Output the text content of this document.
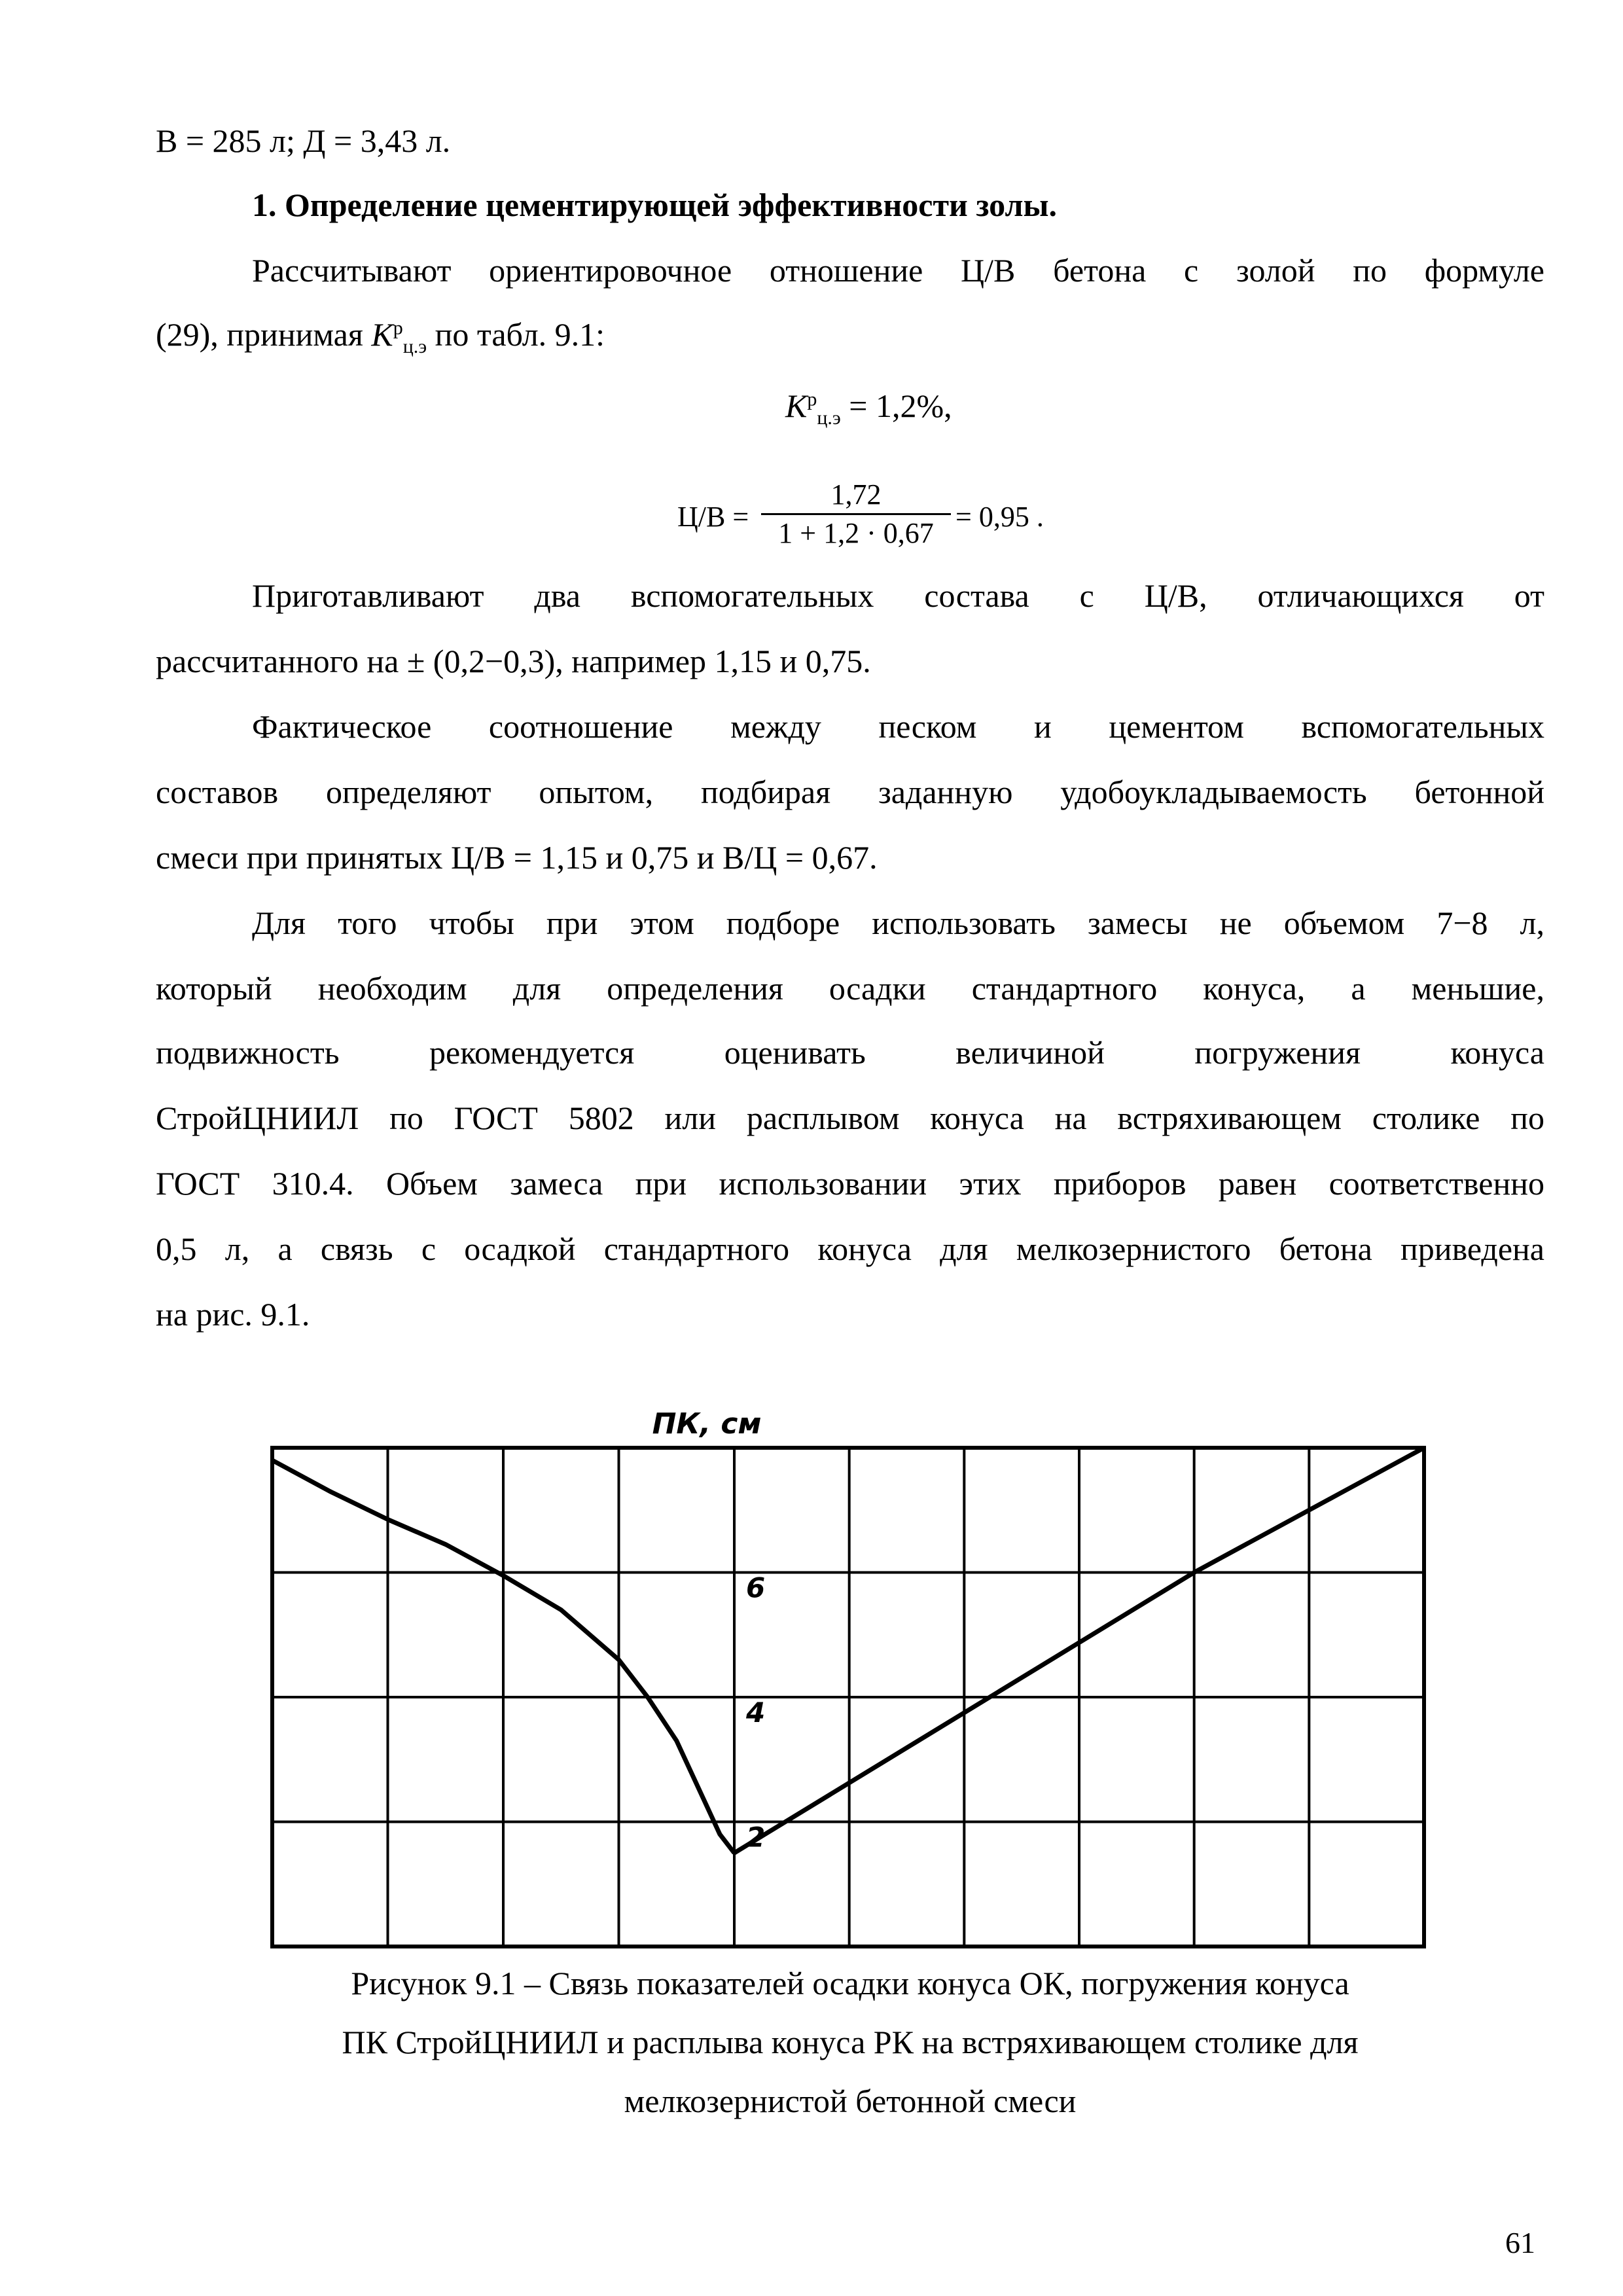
В = 285 л; Д = 3,43 л.
1. Определение цементирующей эффективности золы.
Рассчитывают ориентировочное отношение Ц/В бетона с золой по формуле
(29), принимая $K^р_{ц.э}$ по табл. 9.1:
$K^р_{ц.э} = 1,2\%$,
Ц/В =
1,72
1 + 1,2 · 0,67
= 0,95 .
Приготавливают два вспомогательных состава с Ц/В, отличающихся от
рассчитанного на ± (0,2−0,3), например 1,15 и 0,75.
Фактическое соотношение между песком и цементом вспомогательных
составов определяют опытом, подбирая заданную удобоукладываемость бетонной
смеси при принятых Ц/В = 1,15 и 0,75 и В/Ц = 0,67.
Для того чтобы при этом подборе использовать замесы не объемом 7−8 л,
который необходим для определения осадки стандартного конуса, а меньшие,
подвижность рекомендуется оценивать величиной погружения конуса
СтройЦНИИЛ по ГОСТ 5802 или расплывом конуса на встряхивающем столике по
ГОСТ 310.4. Объем замеса при использовании этих приборов равен соответственно
0,5 л, а связь с осадкой стандартного конуса для мелкозернистого бетона приведена
на рис. 9.1.
ПК, см
2
4
6
Рисунок 9.1 – Связь показателей осадки конуса ОК, погружения конуса
ПК СтройЦНИИЛ и расплыва конуса РК на встряхивающем столике для
мелкозернистой бетонной смеси
61
